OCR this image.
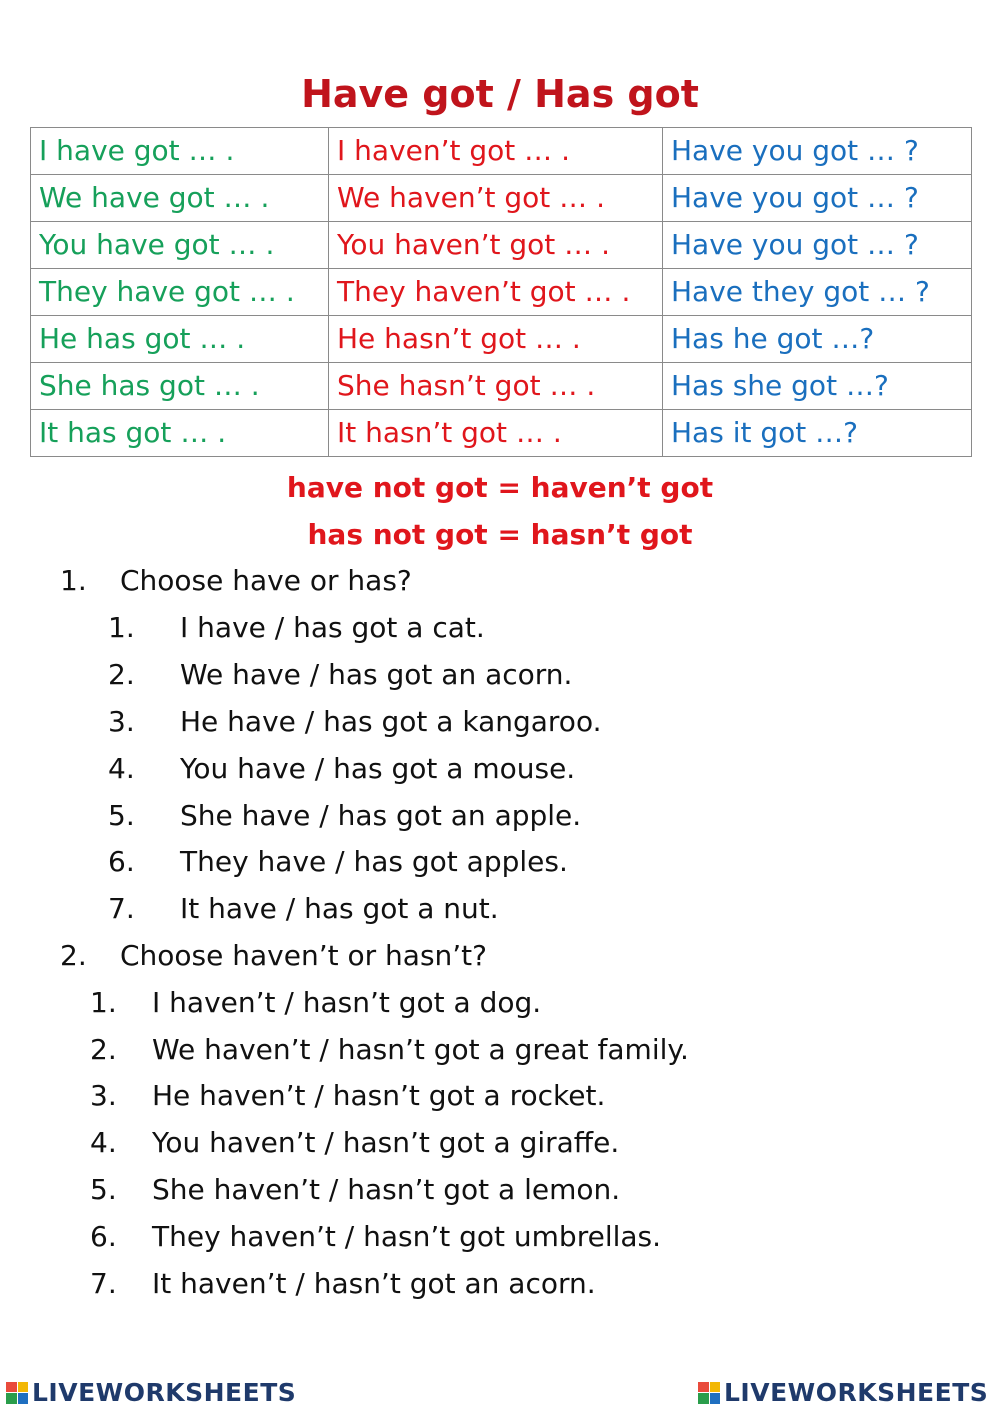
Have got / Has got
I have got … .	I haven’t got … .	Have you got … ?
We have got … .	We haven’t got … .	Have you got … ?
You have got … .	You haven’t got … .	Have you got … ?
They have got … .	They haven’t got … .	Have they got … ?
He has got … .	He hasn’t got … .	Has he got …?
She has got … .	She hasn’t got … .	Has she got …?
It has got … .	It hasn’t got … .	Has it got …?
have not got = haven’t got
has not got = hasn’t got
1.	Choose have or has?
1.	I have / has got a cat.
2.	We have / has got an acorn.
3.	He have / has got a kangaroo.
4.	You have / has got a mouse.
5.	She have / has got an apple.
6.	They have / has got apples.
7.	It have / has got a nut.
2.	Choose haven’t or hasn’t?
1.	I haven’t / hasn’t got a dog.
2.	We haven’t / hasn’t got a great family.
3.	He haven’t / hasn’t got a rocket.
4.	You haven’t / hasn’t got a giraffe.
5.	She haven’t / hasn’t got a lemon.
6.	They haven’t / hasn’t got umbrellas.
7.	It haven’t / hasn’t got an acorn.
LIVEWORKSHEETS	LIVEWORKSHEETS
